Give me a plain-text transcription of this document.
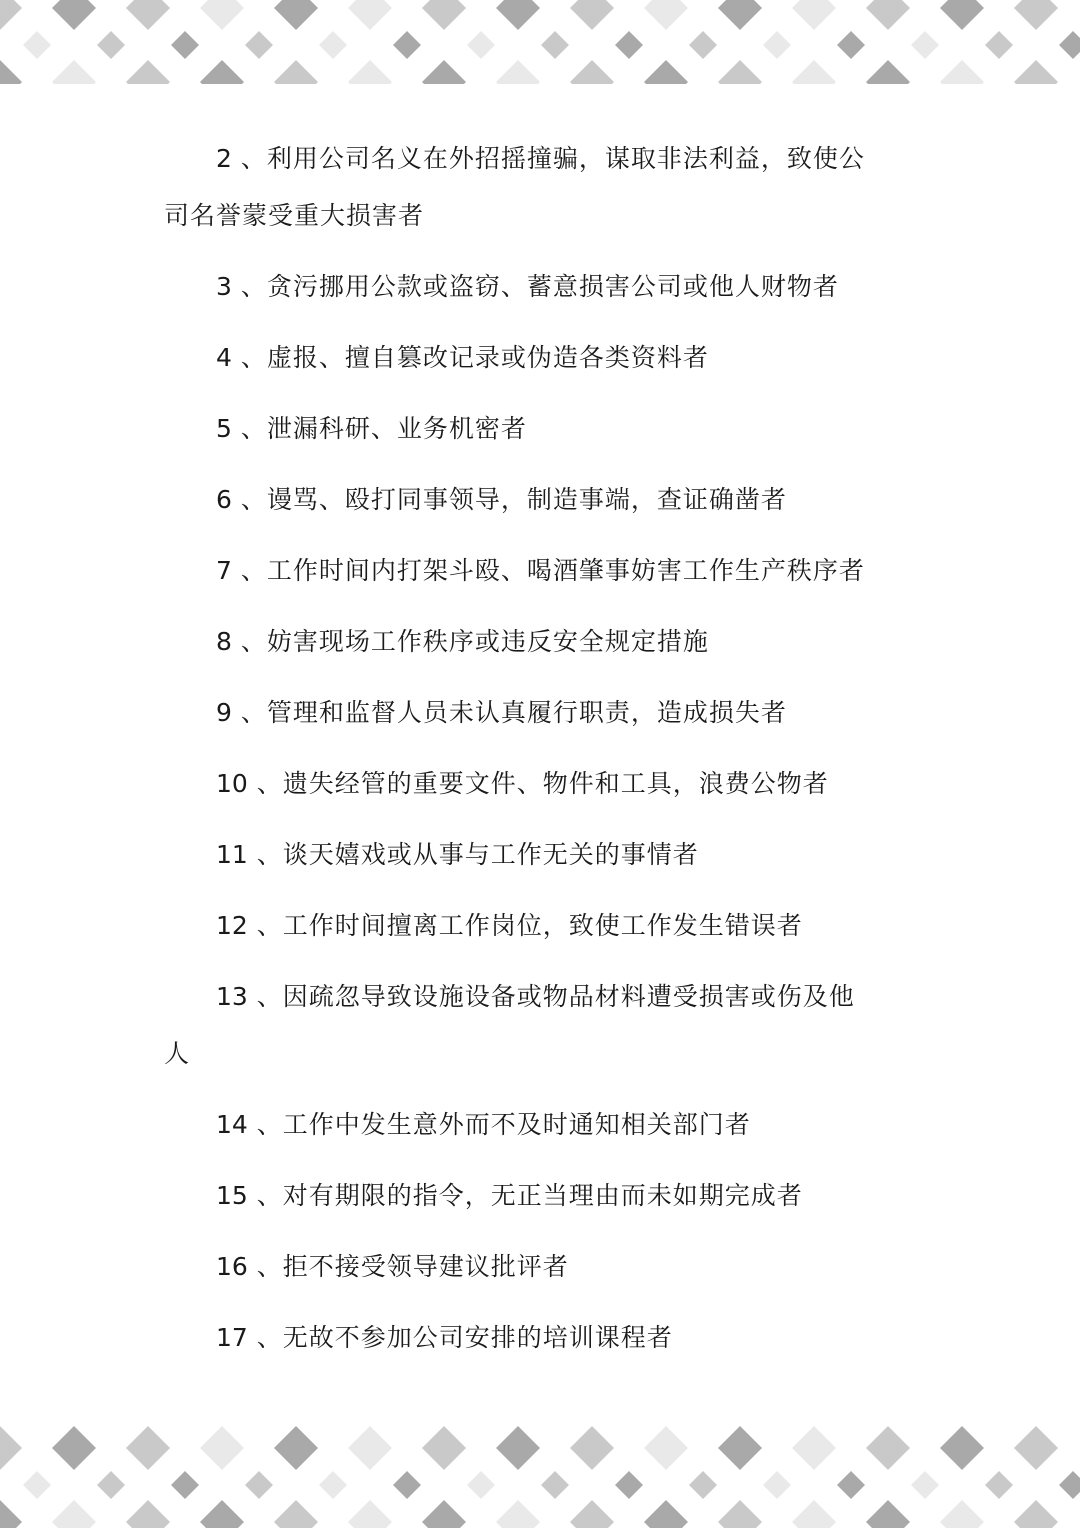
2 、利用公司名义在外招摇撞骗，谋取非法利益，致使公司名誉蒙受重大损害者

3 、贪污挪用公款或盗窃、蓄意损害公司或他人财物者

4 、虚报、擅自篡改记录或伪造各类资料者

5 、泄漏科研、业务机密者

6 、谩骂、殴打同事领导，制造事端，查证确凿者

7 、工作时间内打架斗殴、喝酒肇事妨害工作生产秩序者

8 、妨害现场工作秩序或违反安全规定措施

9 、管理和监督人员未认真履行职责，造成损失者

10 、遗失经管的重要文件、物件和工具，浪费公物者

11 、谈天嬉戏或从事与工作无关的事情者

12 、工作时间擅离工作岗位，致使工作发生错误者

13 、因疏忽导致设施设备或物品材料遭受损害或伤及他人

14 、工作中发生意外而不及时通知相关部门者

15 、对有期限的指令，无正当理由而未如期完成者

16 、拒不接受领导建议批评者

17 、无故不参加公司安排的培训课程者
